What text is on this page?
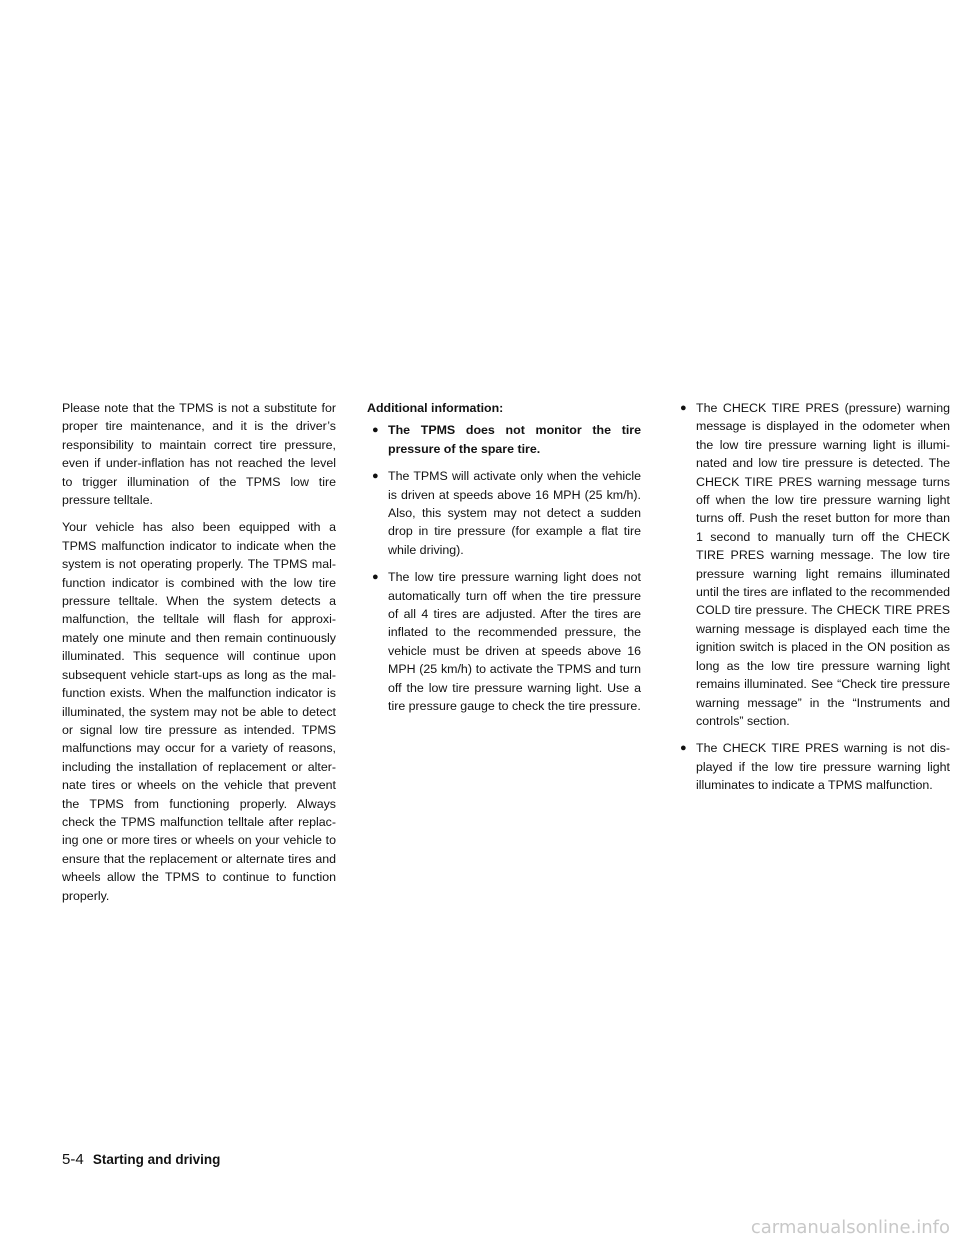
Please note that the TPMS is not a substitute for proper tire maintenance, and it is the driver’s responsibility to maintain correct tire pressure, even if under-inflation has not reached the level to trigger illumination of the TPMS low tire pressure telltale.

Your vehicle has also been equipped with a TPMS malfunction indicator to indicate when the system is not operating properly. The TPMS malfunction indicator is combined with the low tire pressure telltale. When the system detects a malfunction, the telltale will flash for approximately one minute and then remain continuously illuminated. This sequence will continue upon subsequent vehicle start-ups as long as the malfunction exists. When the malfunction indicator is illuminated, the system may not be able to detect or signal low tire pressure as intended. TPMS malfunctions may occur for a variety of reasons, including the installation of replacement or alternate tires or wheels on the vehicle that prevent the TPMS from functioning properly. Always check the TPMS malfunction telltale after replacing one or more tires or wheels on your vehicle to ensure that the replacement or alternate tires and wheels allow the TPMS to continue to function properly.

Additional information:

● The TPMS does not monitor the tire pressure of the spare tire.
● The TPMS will activate only when the vehicle is driven at speeds above 16 MPH (25 km/h). Also, this system may not detect a sudden drop in tire pressure (for example a flat tire while driving).
● The low tire pressure warning light does not automatically turn off when the tire pressure of all 4 tires are adjusted. After the tires are inflated to the recommended pressure, the vehicle must be driven at speeds above 16 MPH (25 km/h) to activate the TPMS and turn off the low tire pressure warning light. Use a tire pressure gauge to check the tire pressure.
● The CHECK TIRE PRES (pressure) warning message is displayed in the odometer when the low tire pressure warning light is illuminated and low tire pressure is detected. The CHECK TIRE PRES warning message turns off when the low tire pressure warning light turns off. Push the reset button for more than 1 second to manually turn off the CHECK TIRE PRES warning message. The low tire pressure warning light remains illuminated until the tires are inflated to the recommended COLD tire pressure. The CHECK TIRE PRES warning message is displayed each time the ignition switch is placed in the ON position as long as the low tire pressure warning light remains illuminated. See “Check tire pressure warning message” in the “Instruments and controls” section.
● The CHECK TIRE PRES warning is not displayed if the low tire pressure warning light illuminates to indicate a TPMS malfunction.
5-4 Starting and driving
carmanualsonline.info
